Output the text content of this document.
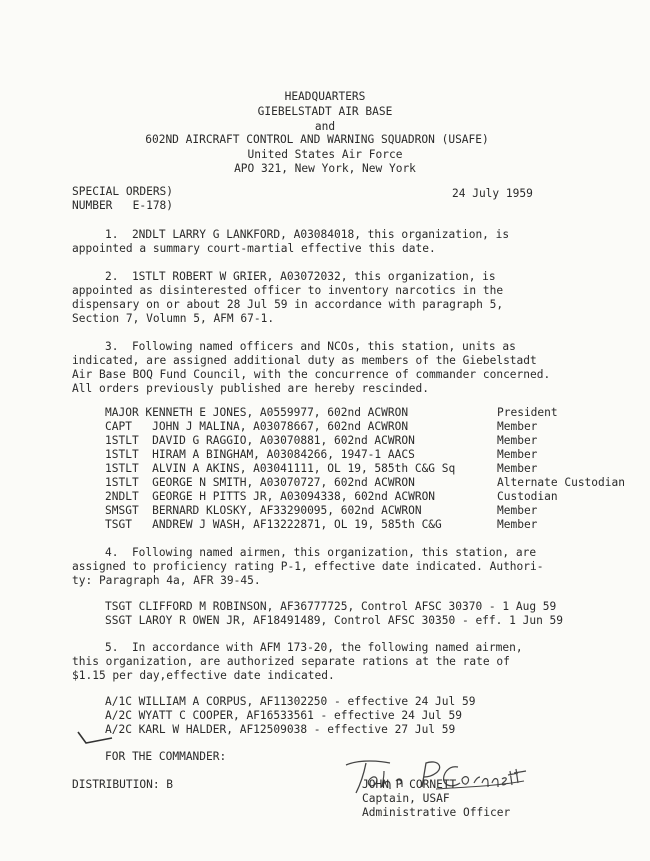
HEADQUARTERS
GIEBELSTADT AIR BASE
and
602ND AIRCRAFT CONTROL AND WARNING SQUADRON (USAFE)
United States Air Force
APO 321, New York, New York
SPECIAL ORDERS)
NUMBER   E-178)
24 July 1959
1.  2NDLT LARRY G LANKFORD, A03084018, this organization, is
appointed a summary court-martial effective this date.
2.  1STLT ROBERT W GRIER, A03072032, this organization, is
appointed as disinterested officer to inventory narcotics in the
dispensary on or about 28 Jul 59 in accordance with paragraph 5,
Section 7, Volumn 5, AFM 67-1.
3.  Following named officers and NCOs, this station, units as
indicated, are assigned additional duty as members of the Giebelstadt
Air Base BOQ Fund Council, with the concurrence of commander concerned.
All orders previously published are hereby rescinded.
MAJOR KENNETH E JONES, A0559977, 602nd ACWRON	President
CAPT   JOHN J MALINA, A03078667, 602nd ACWRON	Member
1STLT  DAVID G RAGGIO, A03070881, 602nd ACWRON	Member
1STLT  HIRAM A BINGHAM, A03084266, 1947-1 AACS	Member
1STLT  ALVIN A AKINS, A03041111, OL 19, 585th C&G Sq	Member
1STLT  GEORGE N SMITH, A03070727, 602nd ACWRON	Alternate Custodian
2NDLT  GEORGE H PITTS JR, A03094338, 602nd ACWRON	Custodian
SMSGT  BERNARD KLOSKY, AF33290095, 602nd ACWRON	Member
TSGT   ANDREW J WASH, AF13222871, OL 19, 585th C&G	Member
4.  Following named airmen, this organization, this station, are
assigned to proficiency rating P-1, effective date indicated. Authori-
ty: Paragraph 4a, AFR 39-45.
TSGT CLIFFORD M ROBINSON, AF36777725, Control AFSC 30370 - 1 Aug 59
SSGT LAROY R OWEN JR, AF18491489, Control AFSC 30350 - eff. 1 Jun 59
5.  In accordance with AFM 173-20, the following named airmen,
this organization, are authorized separate rations at the rate of
$1.15 per day,effective date indicated.
A/1C WILLIAM A CORPUS, AF11302250 - effective 24 Jul 59
A/2C WYATT C COOPER, AF16533561 - effective 24 Jul 59
A/2C KARL W HALDER, AF12509038 - effective 27 Jul 59
FOR THE COMMANDER:
DISTRIBUTION: B	JOHN P CORNETT
Captain, USAF
Administrative Officer
